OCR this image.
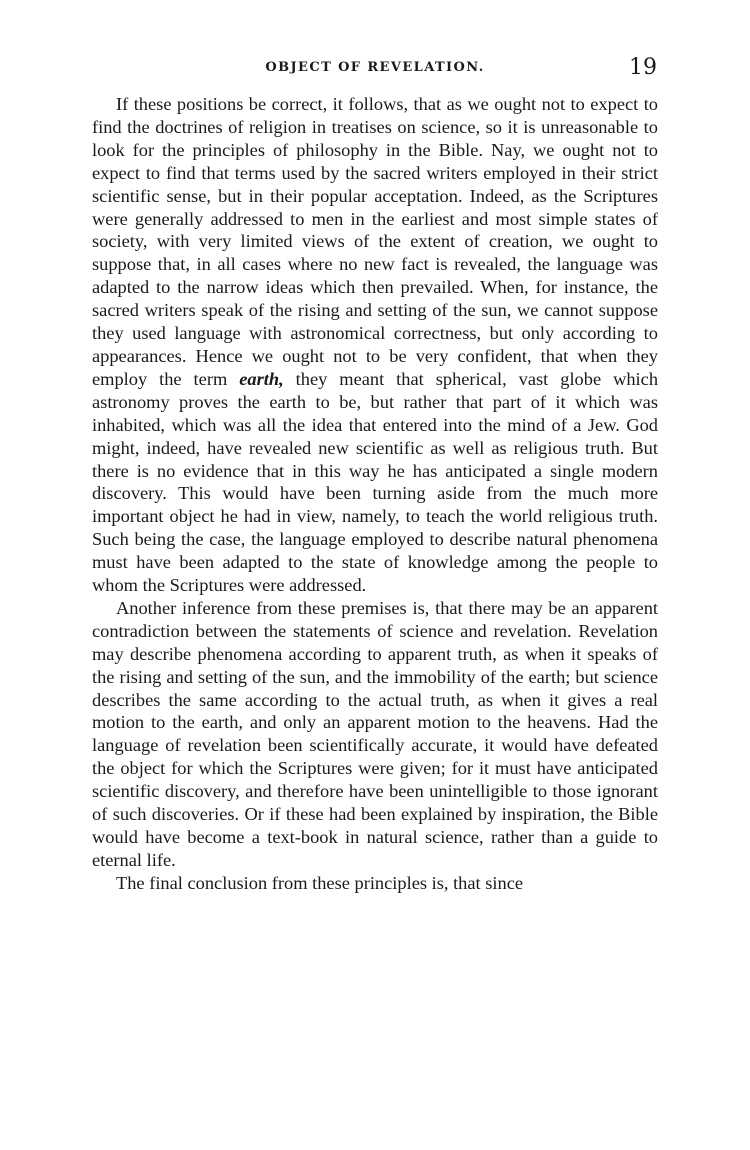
OBJECT OF REVELATION.	19

If these positions be correct, it follows, that as we ought not to expect to find the doctrines of religion in treatises on science, so it is unreasonable to look for the principles of philosophy in the Bible. Nay, we ought not to expect to find that terms used by the sacred writers employed in their strict scientific sense, but in their popular acceptation. Indeed, as the Scriptures were generally addressed to men in the earliest and most simple states of society, with very limited views of the extent of creation, we ought to suppose that, in all cases where no new fact is revealed, the language was adapted to the narrow ideas which then prevailed. When, for instance, the sacred writers speak of the rising and setting of the sun, we cannot suppose they used language with astronomical correctness, but only according to appearances. Hence we ought not to be very confident, that when they employ the term earth, they meant that spherical, vast globe which astronomy proves the earth to be, but rather that part of it which was inhabited, which was all the idea that entered into the mind of a Jew. God might, indeed, have revealed new scientific as well as religious truth. But there is no evidence that in this way he has anticipated a single modern discovery. This would have been turning aside from the much more important object he had in view, namely, to teach the world religious truth. Such being the case, the language employed to describe natural phenomena must have been adapted to the state of knowledge among the people to whom the Scriptures were addressed.

Another inference from these premises is, that there may be an apparent contradiction between the statements of science and revelation. Revelation may describe phenomena according to apparent truth, as when it speaks of the rising and setting of the sun, and the immobility of the earth; but science describes the same according to the actual truth, as when it gives a real motion to the earth, and only an apparent motion to the heavens. Had the language of revelation been scientifically accurate, it would have defeated the object for which the Scriptures were given; for it must have anticipated scientific discovery, and therefore have been unintelligible to those ignorant of such discoveries. Or if these had been explained by inspiration, the Bible would have become a text-book in natural science, rather than a guide to eternal life.

The final conclusion from these principles is, that since
